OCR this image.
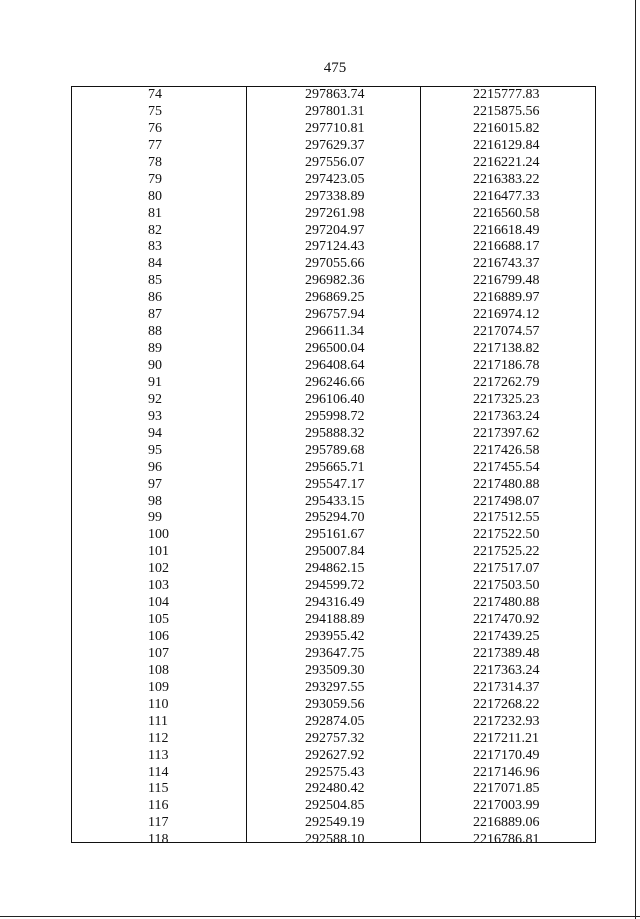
475
74
75
76
77
78
79
80
81
82
83
84
85
86
87
88
89
90
91
92
93
94
95
96
97
98
99
100
101
102
103
104
105
106
107
108
109
110
111
112
113
114
115
116
117
118
297863.74
297801.31
297710.81
297629.37
297556.07
297423.05
297338.89
297261.98
297204.97
297124.43
297055.66
296982.36
296869.25
296757.94
296611.34
296500.04
296408.64
296246.66
296106.40
295998.72
295888.32
295789.68
295665.71
295547.17
295433.15
295294.70
295161.67
295007.84
294862.15
294599.72
294316.49
294188.89
293955.42
293647.75
293509.30
293297.55
293059.56
292874.05
292757.32
292627.92
292575.43
292480.42
292504.85
292549.19
292588.10
2215777.83
2215875.56
2216015.82
2216129.84
2216221.24
2216383.22
2216477.33
2216560.58
2216618.49
2216688.17
2216743.37
2216799.48
2216889.97
2216974.12
2217074.57
2217138.82
2217186.78
2217262.79
2217325.23
2217363.24
2217397.62
2217426.58
2217455.54
2217480.88
2217498.07
2217512.55
2217522.50
2217525.22
2217517.07
2217503.50
2217480.88
2217470.92
2217439.25
2217389.48
2217363.24
2217314.37
2217268.22
2217232.93
2217211.21
2217170.49
2217146.96
2217071.85
2217003.99
2216889.06
2216786.81
